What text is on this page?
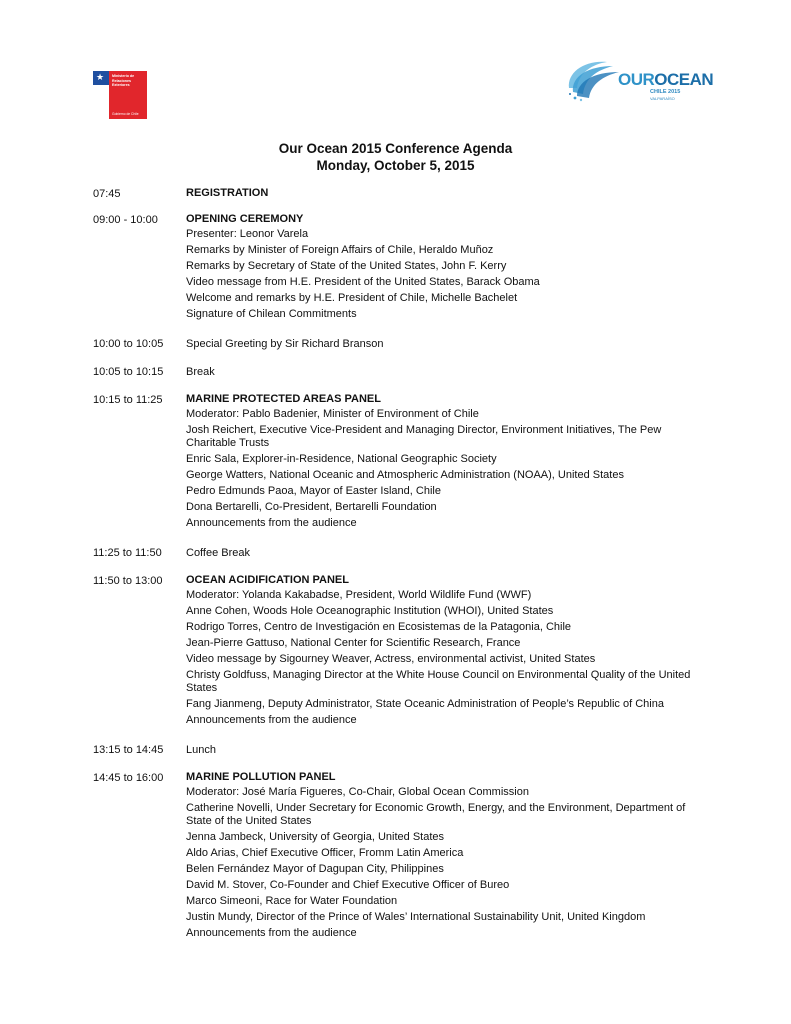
★ Ministerio de
Relaciones
Exteriores
Gobierno de Chile
OUROCEAN
CHILE 2015
VALPARAÍSO
Our Ocean 2015 Conference Agenda
Monday, October 5, 2015
07:45	REGISTRATION
09:00 - 10:00	OPENING CEREMONY
Presenter: Leonor Varela
Remarks by Minister of Foreign Affairs of Chile, Heraldo Muñoz
Remarks by Secretary of State of the United States, John F. Kerry
Video message from H.E. President of the United States, Barack Obama
Welcome and remarks by H.E. President of Chile, Michelle Bachelet
Signature of Chilean Commitments
10:00 to 10:05	Special Greeting by Sir Richard Branson
10:05 to 10:15	Break
10:15 to 11:25	MARINE PROTECTED AREAS PANEL
Moderator: Pablo Badenier, Minister of Environment of Chile
Josh Reichert, Executive Vice-President and Managing Director, Environment Initiatives, The Pew Charitable Trusts
Enric Sala, Explorer-in-Residence, National Geographic Society
George Watters, National Oceanic and Atmospheric Administration (NOAA), United States
Pedro Edmunds Paoa, Mayor of Easter Island, Chile
Dona Bertarelli, Co-President, Bertarelli Foundation
Announcements from the audience
11:25 to 11:50	Coffee Break
11:50 to 13:00	OCEAN ACIDIFICATION PANEL
Moderator: Yolanda Kakabadse, President, World Wildlife Fund (WWF)
Anne Cohen, Woods Hole Oceanographic Institution (WHOI), United States
Rodrigo Torres, Centro de Investigación en Ecosistemas de la Patagonia, Chile
Jean-Pierre Gattuso, National Center for Scientific Research, France
Video message by Sigourney Weaver, Actress, environmental activist, United States
Christy Goldfuss, Managing Director at the White House Council on Environmental Quality of the United States
Fang Jianmeng, Deputy Administrator, State Oceanic Administration of People’s Republic of China
Announcements from the audience
13:15 to 14:45	Lunch
14:45 to 16:00	MARINE POLLUTION PANEL
Moderator: José María Figueres, Co-Chair, Global Ocean Commission
Catherine Novelli, Under Secretary for Economic Growth, Energy, and the Environment, Department of State of the United States
Jenna Jambeck, University of Georgia, United States
Aldo Arias, Chief Executive Officer, Fromm Latin America
Belen Fernández Mayor of Dagupan City, Philippines
David M. Stover, Co-Founder and Chief Executive Officer of Bureo
Marco Simeoni, Race for Water Foundation
Justin Mundy, Director of the Prince of Wales’ International Sustainability Unit, United Kingdom
Announcements from the audience
